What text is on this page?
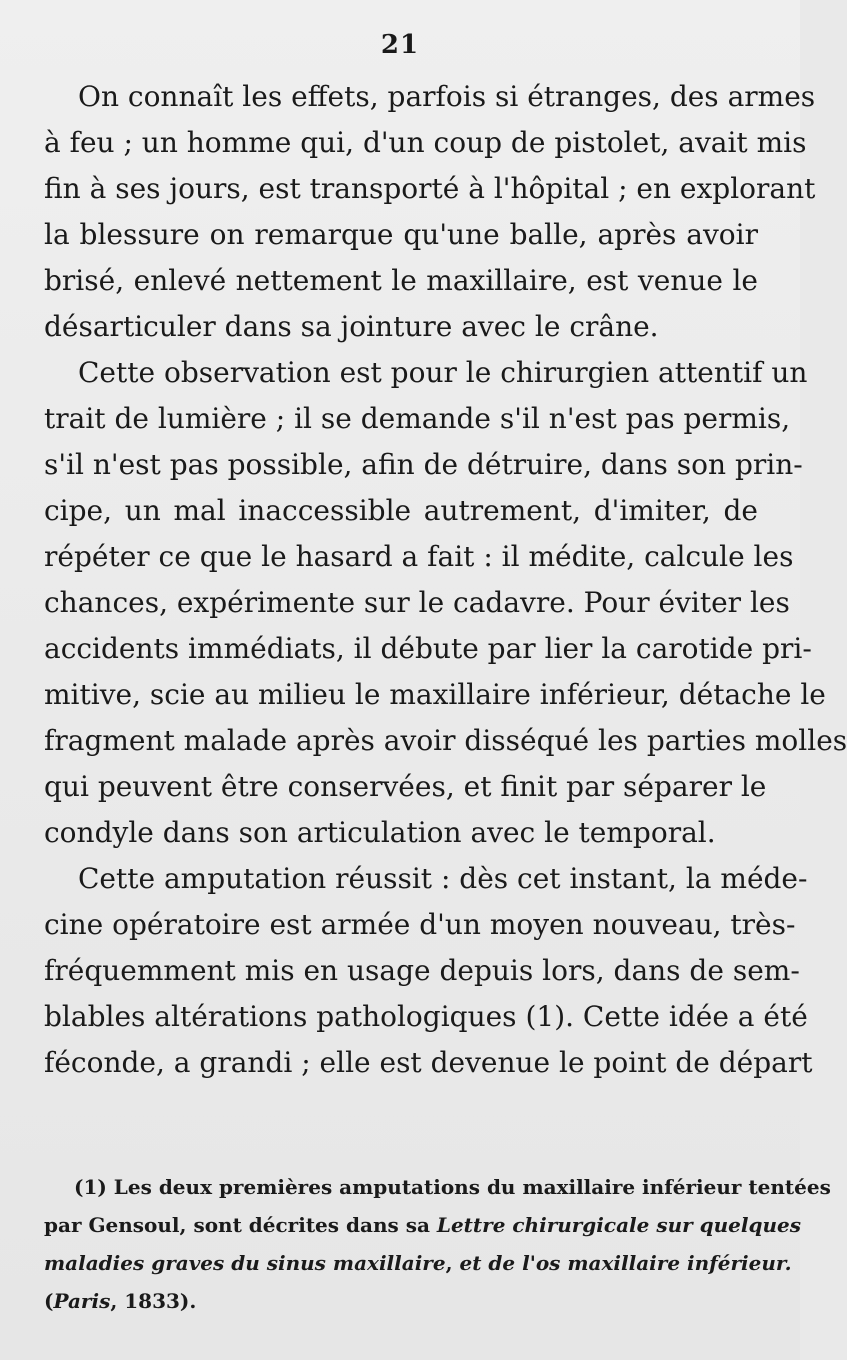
21
On connaît les effets, parfois si étranges, des armes
à feu ; un homme qui, d'un coup de pistolet, avait mis
fin à ses jours, est transporté à l'hôpital ; en explorant
la blessure on remarque qu'une balle, après avoir
brisé, enlevé nettement le maxillaire, est venue le
désarticuler dans sa jointure avec le crâne.
Cette observation est pour le chirurgien attentif un
trait de lumière ; il se demande s'il n'est pas permis,
s'il n'est pas possible, afin de détruire, dans son prin-
cipe, un mal inaccessible autrement, d'imiter, de
répéter ce que le hasard a fait : il médite, calcule les
chances, expérimente sur le cadavre. Pour éviter les
accidents immédiats, il débute par lier la carotide pri-
mitive, scie au milieu le maxillaire inférieur, détache le
fragment malade après avoir disséqué les parties molles
qui peuvent être conservées, et finit par séparer le
condyle dans son articulation avec le temporal.
Cette amputation réussit : dès cet instant, la méde-
cine opératoire est armée d'un moyen nouveau, très-
fréquemment mis en usage depuis lors, dans de sem-
blables altérations pathologiques (1). Cette idée a été
féconde, a grandi ; elle est devenue le point de départ
(1) Les deux premières amputations du maxillaire inférieur tentées
par Gensoul, sont décrites dans sa Lettre chirurgicale sur quelques
maladies graves du sinus maxillaire, et de l'os maxillaire inférieur.
(Paris, 1833).
